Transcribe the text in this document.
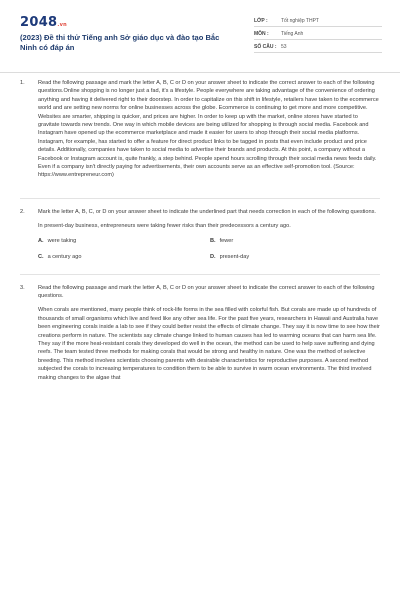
2048.vn
(2023) Đề thi thử Tiếng anh Sở giáo dục và đào tạo Bắc Ninh có đáp án
LỚP :	Tốt nghiệp THPT
MÔN :	Tiếng Anh
SỐ CÂU : 53
1.	Read the following passage and mark the letter A, B, C or D on your answer sheet to indicate the correct answer to each of the following questions.Online shopping is no longer just a fad, it's a lifestyle. People everywhere are taking advantage of the convenience of ordering anything and having it delivered right to their doorstep. In order to capitalize on this shift in lifestyle, retailers have taken to the ecommerce world and are setting new norms for online businesses across the globe. Ecommerce is continuing to get more and more competitive. Websites are smarter, shipping is quicker, and prices are higher. In order to keep up with the market, online stores have started to gravitate towards new trends. One way in which mobile devices are being utilized for shopping is through social media. Facebook and Instagram have opened up the ecommerce marketplace and made it easier for users to shop through their social media platforms. Instagram, for example, has started to offer a feature for direct product links to be tagged in posts that even include product and price details. Additionally, companies have taken to social media to advertise their brands and products. At this point, a company without a Facebook or Instagram account is, quite frankly, a step behind. People spend hours scrolling through their social media news feeds daily. Even if a company isn't directly paying for advertisements, their own accounts serve as an effective self-promotion tool. (Source: https://www.entrepreneur.com)

2.	Mark the letter A, B, C, or D on your answer sheet to indicate the underlined part that needs correction in each of the following questions.

In present-day business, entrepreneurs were taking fewer risks than their predecessors a century ago.

A. were taking	B. fewer
C. a century ago	D. present-day
3.	Read the following passage and mark the letter A, B, C or D on your answer sheet to indicate the correct answer to each of the following questions.

When corals are mentioned, many people think of rock-life forms in the sea filled with colorful fish. But corals are made up of hundreds of thousands of small organisms which live and feed like any other sea life. For the past five years, researchers in Hawaii and Australia have been engineering corals inside a lab to see if they could better resist the effects of climate change. They say it is now time to see how their creations perform in nature. The scientists say climate change linked to human causes has led to warming oceans that can harm sea life. They say if the more heat-resistant corals they developed do well in the ocean, the method can be used to help save suffering and dying reefs. The team tested three methods for making corals that would be strong and healthy in nature. One was the method of selective breeding. This method involves scientists choosing parents with desirable characteristics for reproductive purposes. A second method subjected the corals to increasing temperatures to condition them to be able to survive in warm ocean environments. The third involved making changes to the algae that
